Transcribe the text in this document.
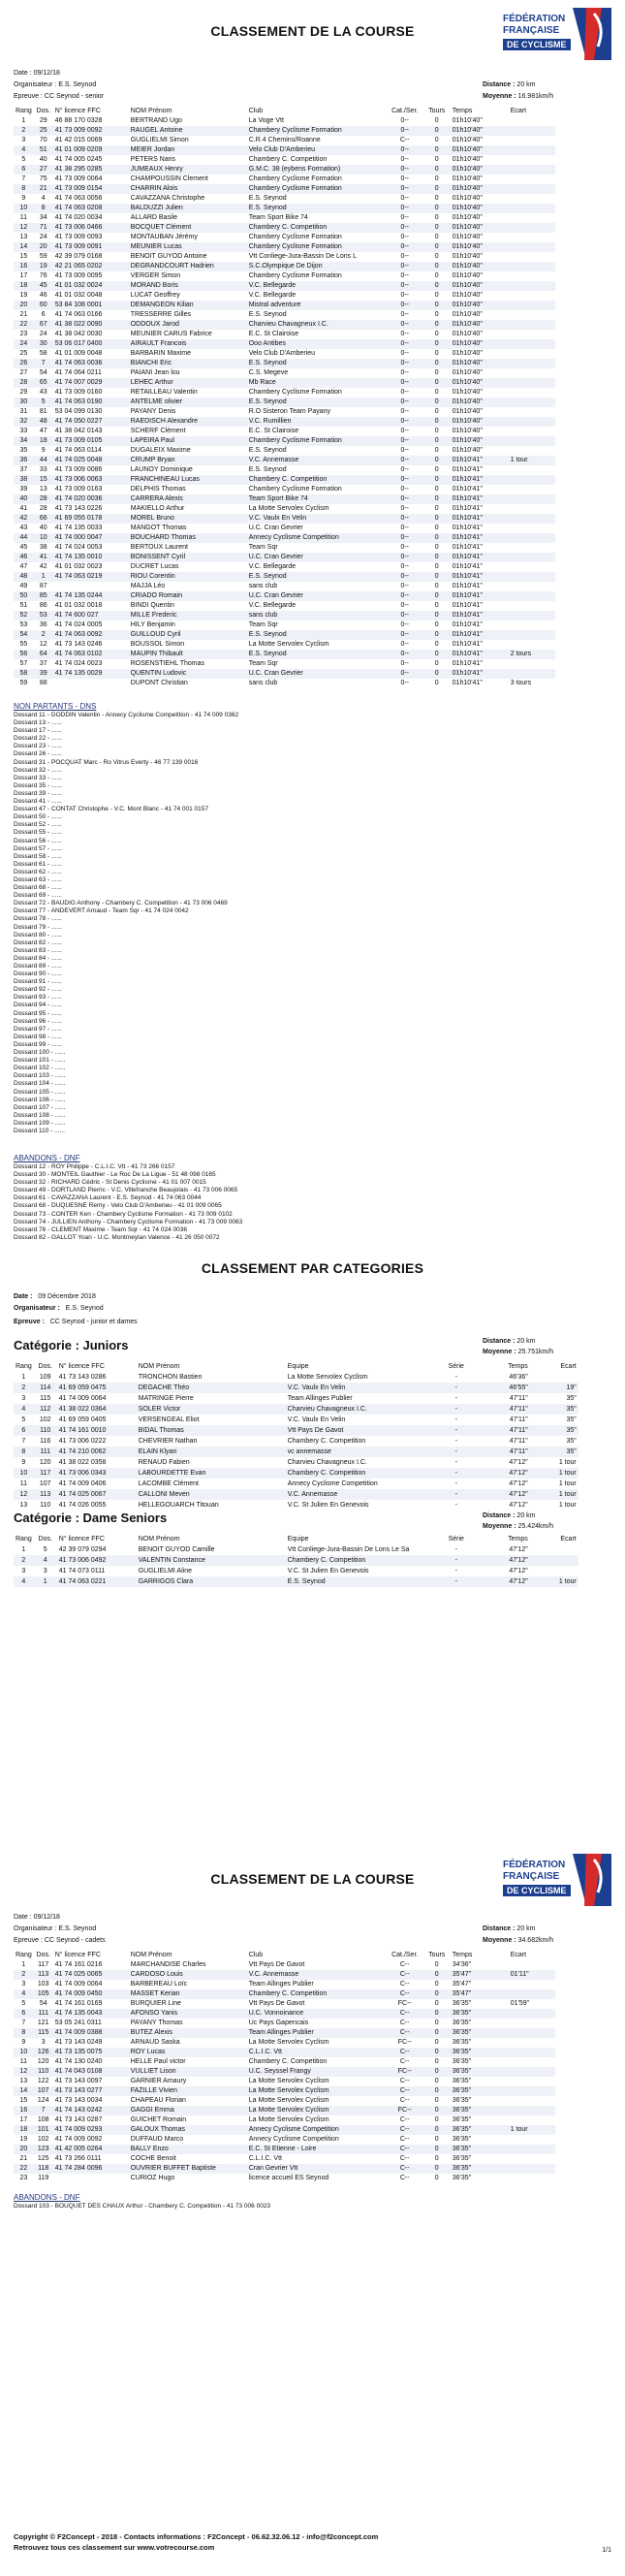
CLASSEMENT DE LA COURSE
FÉDÉRATION
FRANÇAISE
DE CYCLISME
Date : 09/12/18
Organisateur : E.S. Seynod
Epreuve : CC Seynod - senior
Distance : 20 km
Moyenne : 16.981km/h
Rang	Dos.	N° licence FFC	NOM Prénom	Club	Cat./Ser.	Tours	Temps	Ecart
1	29	46 88 170 0328	BERTRAND Ugo	La Voge Vtt	0--	0	01h10'40"	
2	25	41 73 009 0092	RAUGEL Antoine	Chambery Cyclisme Formation	0--	0	01h10'40"	
3	70	41 42 015 0069	GUGLIELMI Simon	C.R.4 Chemins/Roanne	C--	0	01h10'40"	
4	51	41 01 009 0209	MEIER Jordan	Velo Club D'Amberieu	0--	0	01h10'40"	
5	40	41 74 005 0245	PETERS Nans	Chambery C. Competition	0--	0	01h10'40"	
6	27	41 38 295 0285	JUMEAUX Henry	G.M.C. 38 (eybens Formation)	0--	0	01h10'40"	
7	75	41 73 009 0064	CHAMPOUSSIN Clement	Chambery Cyclisme Formation	0--	0	01h10'40"	
8	21	41 73 009 0154	CHARRIN Alois	Chambery Cyclisme Formation	0--	0	01h10'40"	
9	4	41 74 063 0056	CAVAZZANA Christophe	E.S. Seynod	0--	0	01h10'40"	
10	8	41 74 063 0208	BALDUZZI Julien	E.S. Seynod	0--	0	01h10'40"	
11	34	41 74 020 0034	ALLARD Basile	Team Sport Bike 74	0--	0	01h10'40"	
12	71	41 73 006 0466	BOCQUET Clément	Chambery C. Competition	0--	0	01h10'40"	
13	24	41 73 009 0093	MONTAUBAN Jérémy	Chambery Cyclisme Formation	0--	0	01h10'40"	
14	20	41 73 009 0091	MEUNIER Lucas	Chambery Cyclisme Formation	0--	0	01h10'40"	
15	59	42 39 079 0168	BENOIT GUYOD Antoine	Vtt Conliege-Jura-Bassin De Lons L	0--	0	01h10'40"	
16	19	42 21 065 0202	DEGRANDCOURT Hadrien	S.C.Olympique De Dijon	0--	0	01h10'40"	
17	76	41 73 009 0095	VERGER Simon	Chambery Cyclisme Formation	0--	0	01h10'40"	
18	45	41 01 032 0024	MORAND Boris	V.C. Bellegarde	0--	0	01h10'40"	
19	46	41 01 032 0048	LUCAT Geoffrey	V.C. Bellegarde	0--	0	01h10'40"	
20	60	53 84 108 0001	DEMANGEON Kilian	Mistral adventure	0--	0	01h10'40"	
21	6	41 74 063 0166	TRESSERRE Gilles	E.S. Seynod	0--	0	01h10'40"	
22	67	41 38 022 0090	ODDOUX Jarod	Charvieu Chavagneux I.C.	0--	0	01h10'40"	
23	24	41 38 042 0030	MEUNIER CARUS Fabrice	E.C. St Clairoise	0--	0	01h10'40"	
24	30	53 06 017 0400	AIRAULT Francois	Ooo Antibes	0--	0	01h10'40"	
25	58	41 01 009 0048	BARBARIN Maxime	Velo Club D'Amberieu	0--	0	01h10'40"	
26	7	41 74 063 0036	BIANCHI Eric	E.S. Seynod	0--	0	01h10'40"	
27	54	41 74 064 0211	PAIANI Jean lou	C.S. Megeve	0--	0	01h10'40"	
28	65	41 74 007 0029	LEHEC Arthur	Mb Race	0--	0	01h10'40"	
29	43	41 73 009 0160	RETAILLEAU Valentin	Chambery Cyclisme Formation	0--	0	01h10'40"	
30	5	41 74 063 0190	ANTELME olivier	E.S. Seynod	0--	0	01h10'40"	
31	81	53 04 099 0130	PAYANY Denis	R.O Sisteron Team Payany	0--	0	01h10'40"	
32	48	41 74 050 0227	RAEDISCH Alexandre	V.C. Rumillien	0--	0	01h10'40"	
33	47	41 38 042 0143	SCHERF Clément	E.C. St Clairoise	0--	0	01h10'40"	
34	18	41 73 009 0105	LAPEIRA Paul	Chambery Cyclisme Formation	0--	0	01h10'40"	
35	9	41 74 063 0114	DUGALEIX Maxime	E.S. Seynod	0--	0	01h10'40"	
36	44	41 74 025 0048	CRUMP Bryan	V.C. Annemasse	0--	0	01h10'41"	1 tour
37	33	41 73 009 0086	LAUNOY Dominique	E.S. Seynod	0--	0	01h10'41"	
38	15	41 73 006 0063	FRANCHINEAU Lucas	Chambery C. Competition	0--	0	01h10'41"	
39	13	41 73 009 0163	DELPHIS Thomas	Chambery Cyclisme Formation	0--	0	01h10'41"	
40	28	41 74 020 0036	CARRERA Alexis	Team Sport Bike 74	0--	0	01h10'41"	
41	28	41 73 143 0226	MAKIELLO Arthur	La Motte Servolex Cyclism	0--	0	01h10'41"	
42	66	41 69 055 0178	MOREL Bruno	V.C. Vaulx En Velin	0--	0	01h10'41"	
43	40	41 74 135 0033	MANGOT Thomas	U.C. Cran Gevrier	0--	0	01h10'41"	
44	10	41 74 000 0047	BOUCHARD Thomas	Annecy Cyclisme Competition	0--	0	01h10'41"	
45	38	41 74 024 0053	BERTOUX Laurent	Team Sqr	0--	0	01h10'41"	
46	41	41 74 135 0010	BONISSENT Cyril	U.C. Cran Gevrier	0--	0	01h10'41"	
47	42	41 01 032 0023	DUCRET Lucas	V.C. Bellegarde	0--	0	01h10'41"	
48	1	41 74 063 0219	RIOU Corentin	E.S. Seynod	0--	0	01h10'41"	
49	87		MAJJA Léo	sans club	0--	0	01h10'41"	
50	85	41 74 135 0244	CRIADO Romain	U.C. Cran Gevrier	0--	0	01h10'41"	
51	86	41 01 032 0018	BINDI Quentin	V.C. Bellegarde	0--	0	01h10'41"	
52	53	41 74 600 027	MILLE Frederic	sans club	0--	0	01h10'41"	
53	36	41 74 024 0005	HILY Benjamin	Team Sqr	0--	0	01h10'41"	
54	2	41 74 063 0092	GUILLOUD Cyril	E.S. Seynod	0--	0	01h10'41"	
55	12	41 73 143 0246	BOUSSOL Simon	La Motte Servolex Cyclism	0--	0	01h10'41"	
56	64	41 74 063 0102	MAUPIN Thibault	E.S. Seynod	0--	0	01h10'41"	2 tours
57	37	41 74 024 0023	ROSENSTIEHL Thomas	Team Sqr	0--	0	01h10'41"	
58	39	41 74 135 0029	QUENTIN Ludovic	U.C. Cran Gevrier	0--	0	01h10'41"	
59	88		DUPONT Christian	sans club	0--	0	01h10'41"	3 tours
NON PARTANTS - DNS
Dossard 11 - GODDIN Valentin - Annecy Cyclisme Competition - 41 74 009 0362
Dossard 13 - ......
Dossard 17 - ......
Dossard 22 - ......
Dossard 23 - ......
Dossard 26 - ......
Dossard 31 - POCQUAT Marc - Ro Vitrus Everty - 46 77 139 0016
Dossard 32 - ......
Dossard 33 - ......
Dossard 35 - ......
Dossard 39 - ......
Dossard 41 - ......
Dossard 47 - CONTAT Christophe - V.C. Mont Blanc - 41 74 001 0157
Dossard 50 - ......
Dossard 52 - ......
Dossard 55 - ......
Dossard 56 - ......
Dossard 57 - ......
Dossard 58 - ......
Dossard 61 - ......
Dossard 62 - ......
Dossard 63 - ......
Dossard 68 - ......
Dossard 69 - ......
Dossard 72 - BAUDIG Anthony - Chambery C. Competition - 41 73 006 0469
Dossard 77 - ANDEVERT Arnaud - Team Sqr - 41 74 024 0042
Dossard 78 - ......
Dossard 79 - ......
Dossard 80 - ......
Dossard 82 - ......
Dossard 83 - ......
Dossard 84 - ......
Dossard 89 - ......
Dossard 90 - ......
Dossard 91 - ......
Dossard 92 - ......
Dossard 93 - ......
Dossard 94 - ......
Dossard 95 - ......
Dossard 96 - ......
Dossard 97 - ......
Dossard 98 - ......
Dossard 99 - ......
Dossard 100 - ......
Dossard 101 - ......
Dossard 102 - ......
Dossard 103 - ......
Dossard 104 - ......
Dossard 105 - ......
Dossard 106 - ......
Dossard 107 - ......
Dossard 108 - ......
Dossard 109 - ......
Dossard 110 - ......
ABANDONS - DNF
Dossard 12 - ROY Philippe - C.L.I.C. Vtt - 41 73 266 0157
Dossard 30 - MONTEIL Gauthier - Le Roc De La Ligue - 51 48 098 0165
Dossard 32 - RICHARD Cédric - St Denis Cyclisme - 41 01 007 0015
Dossard 49 - DORTLAND Pierric - V.C. Villefranche Beaujolais - 41 73 006 0065
Dossard 61 - CAVAZZANA Laurent - E.S. Seynod - 41 74 063 0044
Dossard 68 - DUQUESNE Remy - Velo Club D'Amberieu - 41 01 009 0065
Dossard 73 - CONTER Ken - Chambery Cyclisme Formation - 41 73 009 0102
Dossard 74 - JULLIEN Anthony - Chambery Cyclisme Formation - 41 73 009 0063
Dossard 76 - CLEMENT Maxime - Team Sqr - 41 74 024 0036
Dossard 82 - GALLOT Yoan - U.C. Montmeylan Valence - 41 26 050 0072
CLASSEMENT PAR CATEGORIES
Date : 09 Décembre 2018
Organisateur : E.S. Seynod
Epreuve : CC Seynod - junior et dames
Catégorie : Juniors	Distance : 20 km
Moyenne : 25.751km/h
Rang	Dos.	N° licence FFC	NOM Prénom	Equipe	Série	Temps	Ecart
1	109	41 73 143 0286	TRONCHON Bastien	La Motte Servolex Cyclism	-	46'36"	
2	114	41 69 059 0475	DEGACHE Théo	V.C. Vaulx En Velin	-	46'55"	19"
3	115	41 74 009 0064	MATRINGE Pierre	Team Allinges Publier	-	47'11"	35"
4	112	41 38 022 0364	SOLER Victor	Charvieu Chavagneux I.C.	-	47'11"	35"
5	102	41 69 059 0405	VERSENGEAL Eliot	V.C. Vaulx En Velin	-	47'11"	35"
6	110	41 74 161 0010	BIDAL Thomas	Vtt Pays De Gavot	-	47'11"	35"
7	116	41 73 006 0222	CHEVRIER Nathan	Chambery C. Competition	-	47'11"	35"
8	111	41 74 210 0062	ELAIN Klyan	vc annemasse	-	47'11"	35"
9	120	41 38 022 0358	RENAUD Fabien	Charvieu Chavagneux I.C.	-	47'12"	1 tour
10	117	41 73 006 0343	LABOURDETTE Evan	Chambery C. Competition	-	47'12"	1 tour
11	107	41 74 009 0406	LACOMBE Clément	Annecy Cyclisme Competition	-	47'12"	1 tour
12	113	41 74 025 0067	CALLONI Meven	V.C. Annemasse	-	47'12"	1 tour
13	110	41 74 026 0055	HELLEGOUARCH Titouan	V.C. St Julien En Genevois	-	47'12"	1 tour
Catégorie : Dame Seniors	Distance : 20 km
Moyenne : 25.424km/h
Rang	Dos.	N° licence FFC	NOM Prénom	Equipe	Série	Temps	Ecart
1	5	42 39 079 0294	BENOIT GUYOD Camille	Vtt Conliege-Jura-Bassin De Lons Le Sa	-	47'12"	
2	4	41 73 006 0492	VALENTIN Constance	Chambery C. Competition	-	47'12"	
3	3	41 74 073 0111	GUGLIELMI Aline	V.C. St Julien En Genevois	-	47'12"	
4	1	41 74 063 0221	GARRIGOS Clara	E.S. Seynod	-	47'12"	1 tour
CLASSEMENT DE LA COURSE
FÉDÉRATION
FRANÇAISE
DE CYCLISME
Date : 09/12/18
Organisateur : E.S. Seynod
Epreuve : CC Seynod - cadets
Distance : 20 km
Moyenne : 34.682km/h
Rang	Dos.	N° licence FFC	NOM Prénom	Club	Cat./Ser.	Tours	Temps	Ecart
1	117	41 74 161 0216	MARCHANDISE Charles	Vtt Pays De Gavot	C--	0	34'36"	
2	113	41 74 025 0065	CARDOSO Louis	V.C. Annemasse	C--	0	35'47"	01'11"
3	103	41 74 009 0064	BARBEREAU Loïc	Team Allinges Publier	C--	0	35'47"	
4	105	41 74 009 0450	MASSET Kerian	Chambery C. Competition	C--	0	35'47"	
5	54	41 74 161 0169	BURQUIER Line	Vtt Pays De Gavot	FC--	0	36'35"	01'59"
6	111	41 74 135 0043	AFONSO Yanis	U.C. Vonnoinance	C--	0	36'35"	
7	121	53 05 241 0311	PAYANY Thomas	Uc Pays Gapencais	C--	0	36'35"	
8	115	41 74 009 0388	BUTEZ Alexis	Team Allinges Publier	C--	0	36'35"	
9	3	41 73 143 0249	ARNAUD Saska	La Motte Servolex Cyclism	FC--	0	36'35"	
10	126	41 73 135 0075	ROY Lucas	C.L.I.C. Vtt	C--	0	36'35"	
11	120	41 74 130 0240	HELLE Paul victor	Chambery C. Competition	C--	0	36'35"	
12	110	41 74 043 0108	VULLIET Lison	U.C. Seyssel Frangy	FC--	0	36'35"	
13	122	41 73 143 0097	GARNIER Amaury	La Motte Servolex Cyclism	C--	0	36'35"	
14	107	41 73 143 0277	FAZILLE Vivien	La Motte Servolex Cyclism	C--	0	36'35"	
15	124	41 73 143 0034	CHAPEAU Florian	La Motte Servolex Cyclism	C--	0	36'35"	
16	7	41 74 143 0242	GAGGI Emma	La Motte Servolex Cyclism	FC--	0	36'35"	
17	108	41 73 143 0287	GUICHET Romain	La Motte Servolex Cyclism	C--	0	36'35"	
18	101	41 74 009 0293	GALOUX Thomas	Annecy Cyclisme Competition	C--	0	36'35"	1 tour
19	102	41 74 009 0092	DUFFAUD Marco	Annecy Cyclisme Competition	C--	0	36'35"	
20	123	41 42 005 0264	BALLY Enzo	E.C. St Etienne - Loire	C--	0	36'35"	
21	125	41 73 266 0111	COCHE Benoit	C.L.I.C. Vtt	C--	0	36'35"	
22	118	41 74 284 0096	OUVRIER BUFFET Baptiste	Cran Gevrier Vtt	C--	0	36'35"	
23	119		CURIOZ Hugo	licence accueil ES Seynod	C--	0	36'35"	
ABANDONS - DNF
Dossard 103 - BOUQUET DES CHAUX Arthur - Chambery C. Competition - 41 73 006 0023
Copyright © F2Concept - 2018 - Contacts informations : F2Concept - 06.62.32.06.12 - info@f2concept.com
Retrouvez tous ces classement sur www.votrecourse.com	1/1
